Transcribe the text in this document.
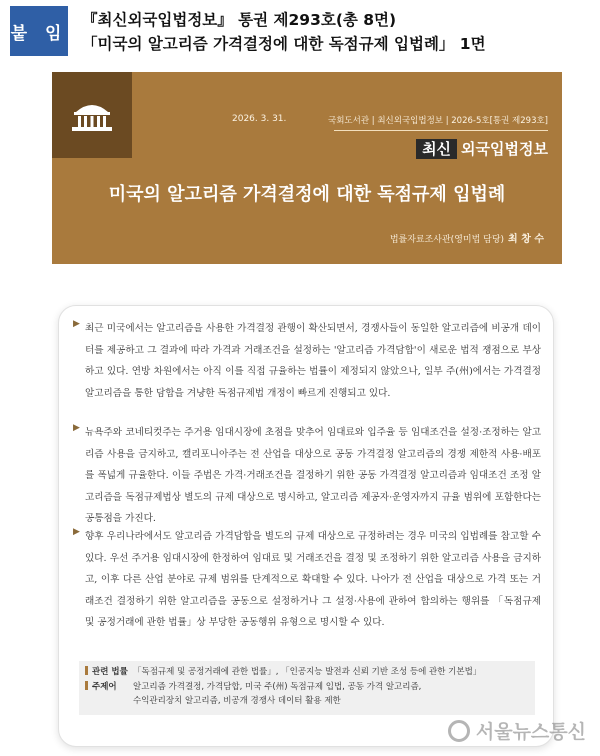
붙 임
『최신외국입법정보』 통권 제293호(총 8면)
「미국의 알고리즘 가격결정에 대한 독점규제 입법례」 1면
2026. 3. 31.	국회도서관 | 최신외국입법정보 | 2026-5호[통권 제293호]
최신 외국입법정보
미국의 알고리즘 가격결정에 대한 독점규제 입법례
법률자료조사관(영미법 담당) 최 창 수
▶ 최근 미국에서는 알고리즘을 사용한 가격결정 관행이 확산되면서, 경쟁사들이 동일한 알고리즘에 비공개 데이터를 제공하고 그 결과에 따라 가격과 거래조건을 설정하는 '알고리즘 가격담합'이 새로운 법적 쟁점으로 부상하고 있다. 연방 차원에서는 아직 이를 직접 규율하는 법률이 제정되지 않았으나, 일부 주(州)에서는 가격결정 알고리즘을 통한 담합을 겨냥한 독점규제법 개정이 빠르게 진행되고 있다.

▶ 뉴욕주와 코네티컷주는 주거용 임대시장에 초점을 맞추어 임대료와 입주율 등 임대조건을 설정·조정하는 알고리즘 사용을 금지하고, 캘리포니아주는 전 산업을 대상으로 공동 가격결정 알고리즘의 경쟁 제한적 사용·배포를 폭넓게 규율한다. 이들 주법은 가격·거래조건을 결정하기 위한 공동 가격결정 알고리즘과 임대조건 조정 알고리즘을 독점규제법상 별도의 규제 대상으로 명시하고, 알고리즘 제공자·운영자까지 규율 범위에 포함한다는 공통점을 가진다.

▶ 향후 우리나라에서도 알고리즘 가격담합을 별도의 규제 대상으로 규정하려는 경우 미국의 입법례를 참고할 수 있다. 우선 주거용 임대시장에 한정하여 임대료 및 거래조건을 결정 및 조정하기 위한 알고리즘 사용을 금지하고, 이후 다른 산업 분야로 규제 범위를 단계적으로 확대할 수 있다. 나아가 전 산업을 대상으로 가격 또는 거래조건 결정하기 위한 알고리즘을 공동으로 설정하거나 그 설정·사용에 관하여 합의하는 행위를 「독점규제 및 공정거래에 관한 법률」상 부당한 공동행위 유형으로 명시할 수 있다.

관련 법률 「독점규제 및 공정거래에 관한 법률」, 「인공지능 발전과 신뢰 기반 조성 등에 관한 기본법」
주제어	알고리즘 가격결정, 가격담합, 미국 주(州) 독점규제 입법, 공동 가격 알고리즘,
수익관리장치 알고리즘, 비공개 경쟁사 데이터 활용 제한
서울뉴스통신
